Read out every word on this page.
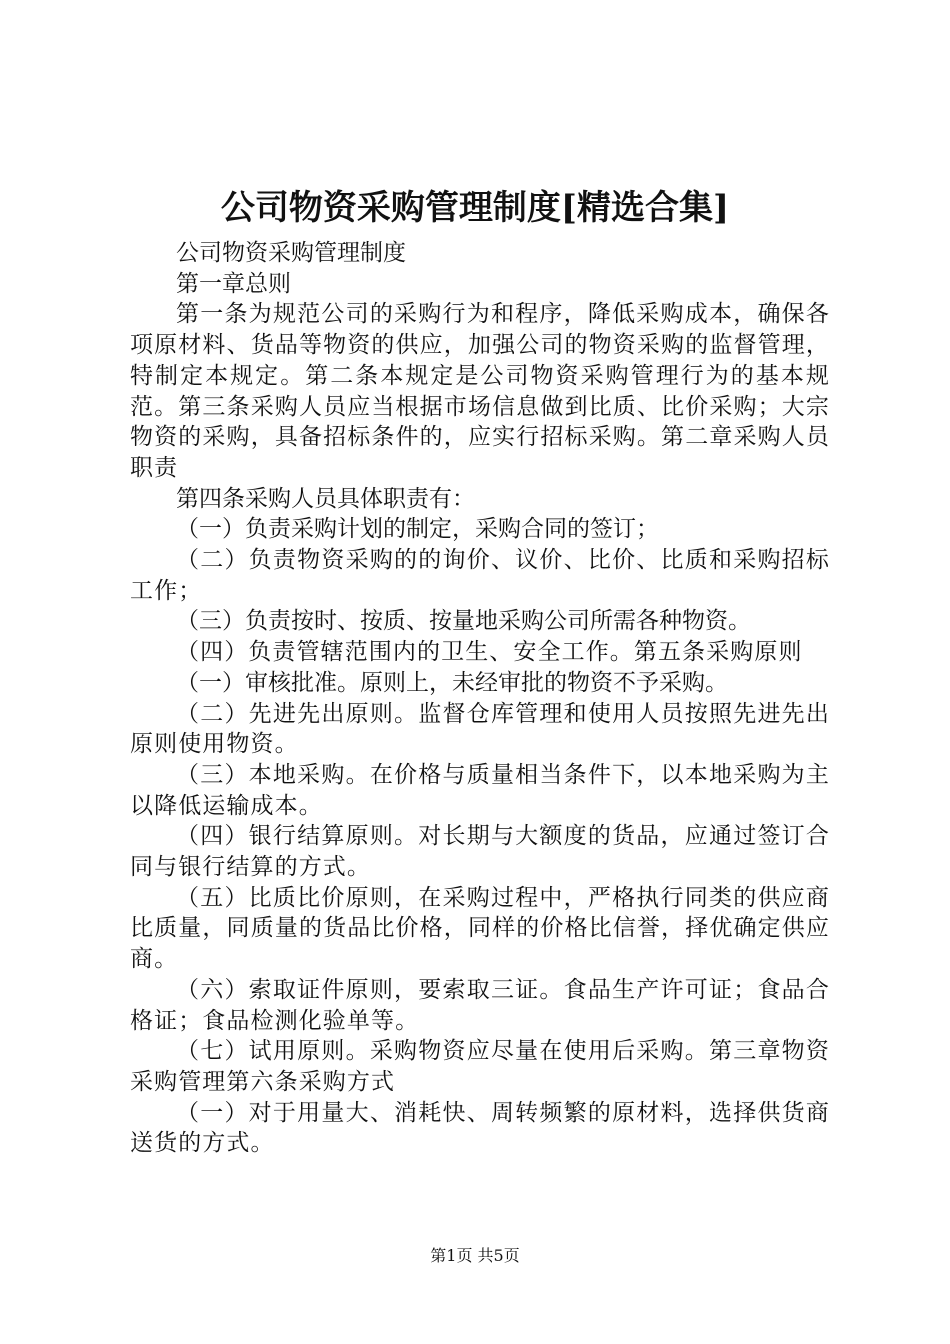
公司物资采购管理制度[精选合集]

公司物资采购管理制度

第一章总则

第一条为规范公司的采购行为和程序，降低采购成本，确保各项原材料、货品等物资的供应，加强公司的物资采购的监督管理，特制定本规定。第二条本规定是公司物资采购管理行为的基本规范。第三条采购人员应当根据市场信息做到比质、比价采购；大宗物资的采购，具备招标条件的，应实行招标采购。第二章采购人员职责

第四条采购人员具体职责有：

（一）负责采购计划的制定，采购合同的签订；

（二）负责物资采购的的询价、议价、比价、比质和采购招标工作；

（三）负责按时、按质、按量地采购公司所需各种物资。

（四）负责管辖范围内的卫生、安全工作。第五条采购原则

（一）审核批准。原则上，未经审批的物资不予采购。

（二）先进先出原则。监督仓库管理和使用人员按照先进先出原则使用物资。

（三）本地采购。在价格与质量相当条件下，以本地采购为主以降低运输成本。

（四）银行结算原则。对长期与大额度的货品，应通过签订合同与银行结算的方式。

（五）比质比价原则，在采购过程中，严格执行同类的供应商比质量，同质量的货品比价格，同样的价格比信誉，择优确定供应商。

（六）索取证件原则，要索取三证。食品生产许可证；食品合格证；食品检测化验单等。

（七）试用原则。采购物资应尽量在使用后采购。第三章物资采购管理第六条采购方式

（一）对于用量大、消耗快、周转频繁的原材料，选择供货商送货的方式。

第1页 共5页
